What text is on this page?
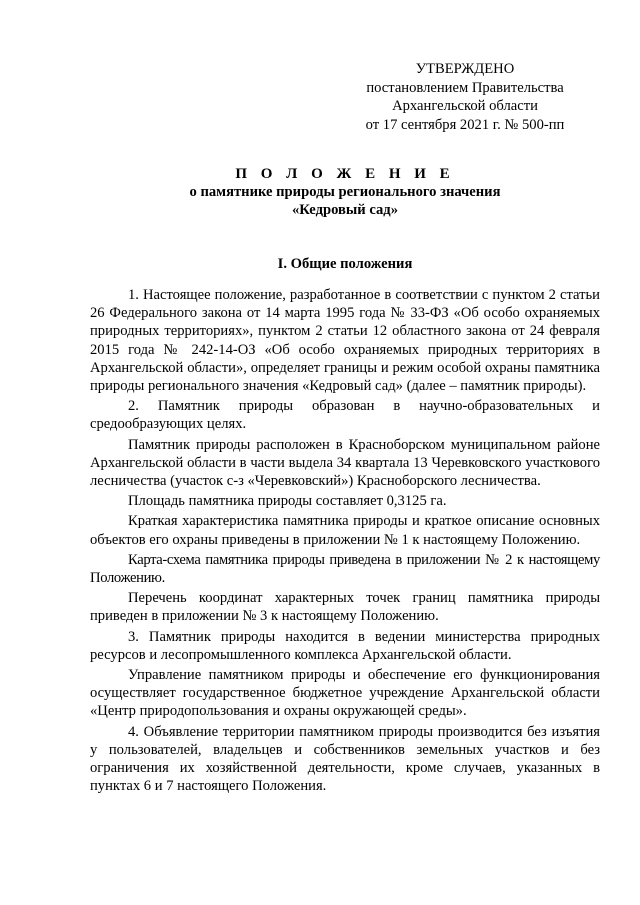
УТВЕРЖДЕНО
постановлением Правительства
Архангельской области
от 17 сентября 2021 г. № 500-пп
П О Л О Ж Е Н И Е
о памятнике природы регионального значения
«Кедровый сад»
I. Общие положения

1. Настоящее положение, разработанное в соответствии с пунктом 2 статьи 26 Федерального закона от 14 марта 1995 года № 33-ФЗ «Об особо охраняемых природных территориях», пунктом 2 статьи 12 областного закона от 24 февраля 2015 года № 242-14-ОЗ «Об особо охраняемых природных территориях в Архангельской области», определяет границы и режим особой охраны памятника природы регионального значения «Кедровый сад» (далее – памятник природы).

2. Памятник природы образован в научно-образовательных и средообразующих целях.

Памятник природы расположен в Красноборском муниципальном районе Архангельской области в части выдела 34 квартала 13 Черевковского участкового лесничества (участок с-з «Черевковский») Красноборского лесничества.

Площадь памятника природы составляет 0,3125 га.

Краткая характеристика памятника природы и краткое описание основных объектов его охраны приведены в приложении № 1 к настоящему Положению.

Карта-схема памятника природы приведена в приложении № 2 к настоящему Положению.

Перечень координат характерных точек границ памятника природы приведен в приложении № 3 к настоящему Положению.

3. Памятник природы находится в ведении министерства природных ресурсов и лесопромышленного комплекса Архангельской области.

Управление памятником природы и обеспечение его функционирования осуществляет государственное бюджетное учреждение Архангельской области «Центр природопользования и охраны окружающей среды».

4. Объявление территории памятником природы производится без изъятия у пользователей, владельцев и собственников земельных участков и без ограничения их хозяйственной деятельности, кроме случаев, указанных в пунктах 6 и 7 настоящего Положения.
